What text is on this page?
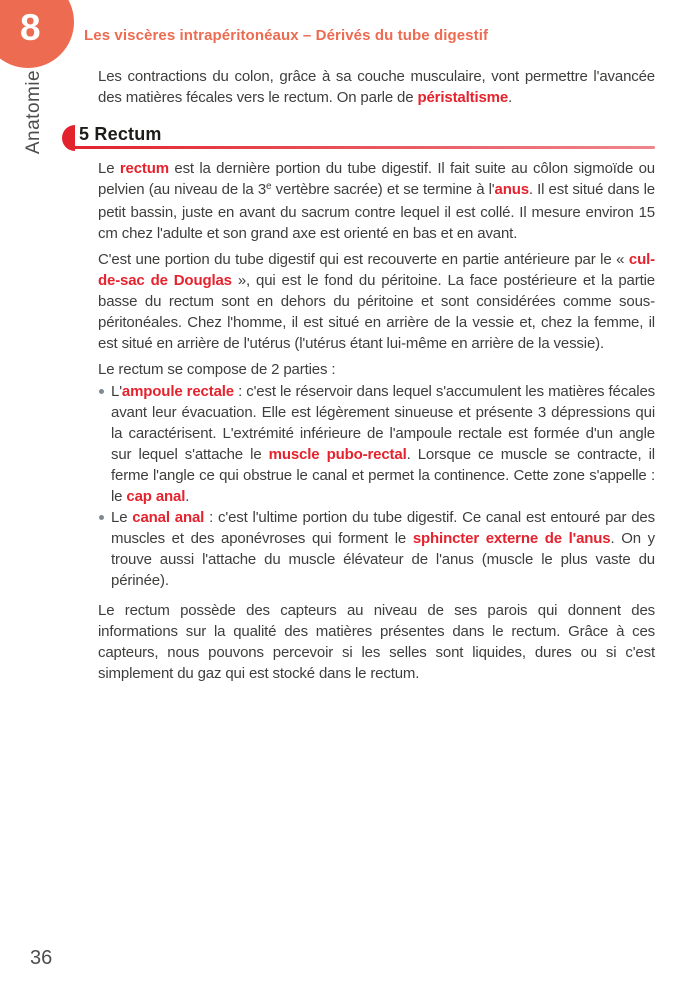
8
Anatomie
Les viscères intrapéritonéaux – Dérivés du tube digestif

Les contractions du colon, grâce à sa couche musculaire, vont permettre l'avancée des matières fécales vers le rectum. On parle de péristaltisme.

5 Rectum

Le rectum est la dernière portion du tube digestif. Il fait suite au côlon sigmoïde ou pelvien (au niveau de la 3e vertèbre sacrée) et se termine à l'anus. Il est situé dans le petit bassin, juste en avant du sacrum contre lequel il est collé. Il mesure environ 15 cm chez l'adulte et son grand axe est orienté en bas et en avant.

C'est une portion du tube digestif qui est recouverte en partie antérieure par le « cul-de-sac de Douglas », qui est le fond du péritoine. La face postérieure et la partie basse du rectum sont en dehors du péritoine et sont considérées comme sous-péritonéales. Chez l'homme, il est situé en arrière de la vessie et, chez la femme, il est situé en arrière de l'utérus (l'utérus étant lui-même en arrière de la vessie).

Le rectum se compose de 2 parties :

L'ampoule rectale : c'est le réservoir dans lequel s'accumulent les matières fécales avant leur évacuation. Elle est légèrement sinueuse et présente 3 dépressions qui la caractérisent. L'extrémité inférieure de l'ampoule rectale est formée d'un angle sur lequel s'attache le muscle pubo-rectal. Lorsque ce muscle se contracte, il ferme l'angle ce qui obstrue le canal et permet la continence. Cette zone s'appelle : le cap anal.
Le canal anal : c'est l'ultime portion du tube digestif. Ce canal est entouré par des muscles et des aponévroses qui forment le sphincter externe de l'anus. On y trouve aussi l'attache du muscle élévateur de l'anus (muscle le plus vaste du périnée).

Le rectum possède des capteurs au niveau de ses parois qui donnent des informations sur la qualité des matières présentes dans le rectum. Grâce à ces capteurs, nous pouvons percevoir si les selles sont liquides, dures ou si c'est simplement du gaz qui est stocké dans le rectum.

36
